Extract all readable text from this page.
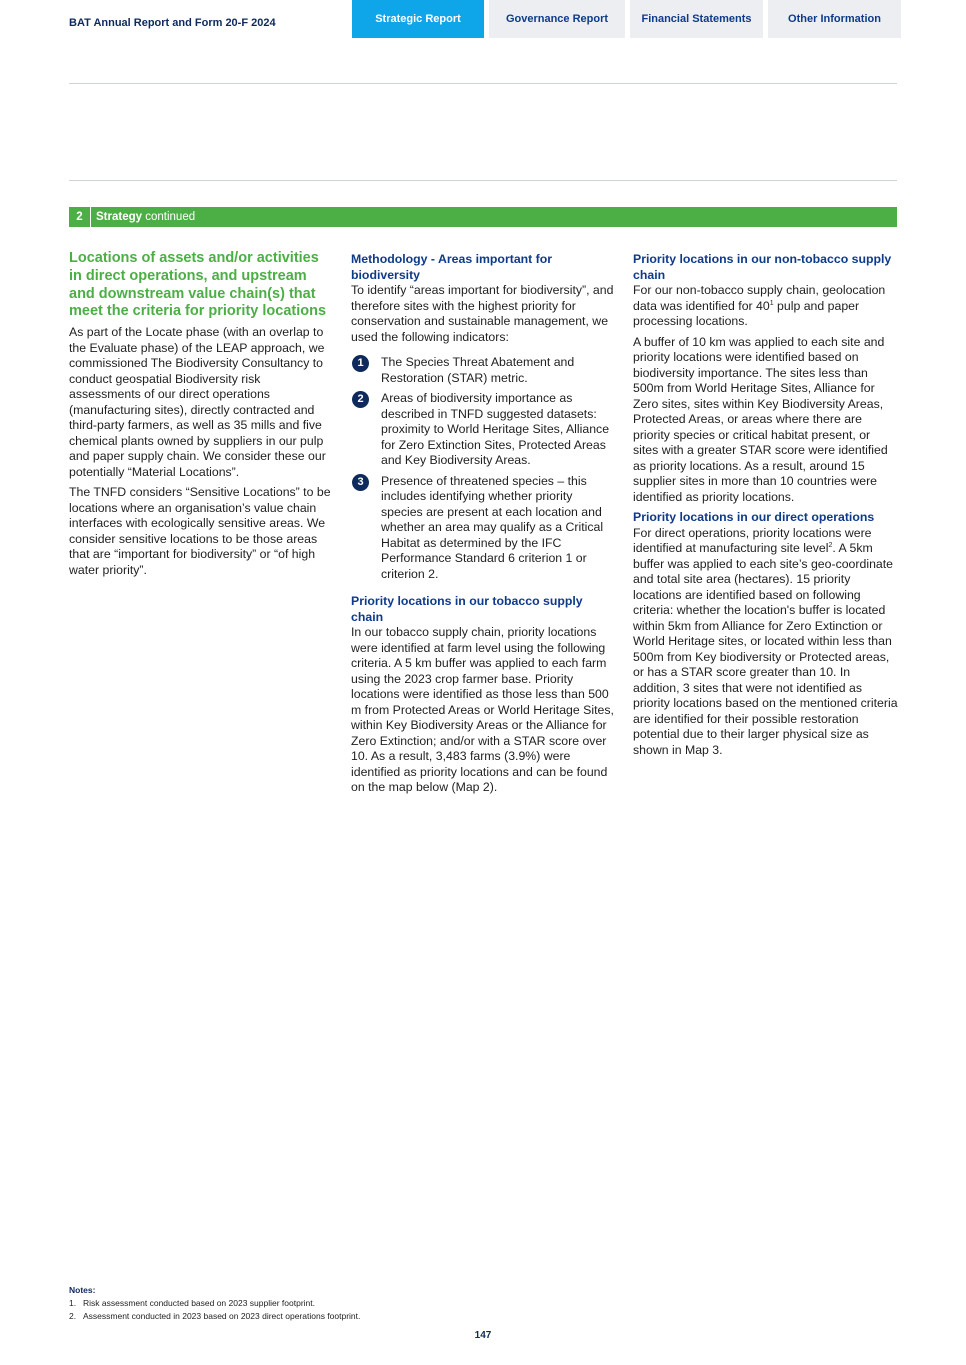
BAT Annual Report and Form 20-F 2024	Strategic Report	Governance Report	Financial Statements	Other Information
2	Strategy continued
Locations of assets and/or activities in direct operations, and upstream and downstream value chain(s) that meet the criteria for priority locations

As part of the Locate phase (with an overlap to the Evaluate phase) of the LEAP approach, we commissioned The Biodiversity Consultancy to conduct geospatial Biodiversity risk assessments of our direct operations (manufacturing sites), directly contracted and third-party farmers, as well as 35 mills and five chemical plants owned by suppliers in our pulp and paper supply chain. We consider these our potentially “Material Locations”.

The TNFD considers “Sensitive Locations” to be locations where an organisation’s value chain interfaces with ecologically sensitive areas. We consider sensitive locations to be those areas that are “important for biodiversity” or “of high water priority”.

Methodology - Areas important for biodiversity

To identify “areas important for biodiversity”, and therefore sites with the highest priority for conservation and sustainable management, we used the following indicators:

1	The Species Threat Abatement and Restoration (STAR) metric.
2	Areas of biodiversity importance as described in TNFD suggested datasets: proximity to World Heritage Sites, Alliance for Zero Extinction Sites, Protected Areas and Key Biodiversity Areas.
3	Presence of threatened species – this includes identifying whether priority species are present at each location and whether an area may qualify as a Critical Habitat as determined by the IFC Performance Standard 6 criterion 1 or criterion 2.
Priority locations in our tobacco supply chain

In our tobacco supply chain, priority locations were identified at farm level using the following criteria. A 5 km buffer was applied to each farm using the 2023 crop farmer base. Priority locations were identified as those less than 500 m from Protected Areas or World Heritage Sites, within Key Biodiversity Areas or the Alliance for Zero Extinction; and/or with a STAR score over 10. As a result, 3,483 farms (3.9%) were identified as priority locations and can be found on the map below (Map 2).

Priority locations in our non-tobacco supply chain

For our non-tobacco supply chain, geolocation data was identified for $40^1$ pulp and paper processing locations.

A buffer of 10 km was applied to each site and priority locations were identified based on biodiversity importance. The sites less than 500m from World Heritage Sites, Alliance for Zero sites, sites within Key Biodiversity Areas, Protected Areas, or areas where there are priority species or critical habitat present, or sites with a greater STAR score were identified as priority locations. As a result, around 15 supplier sites in more than 10 countries were identified as priority locations.

Priority locations in our direct operations

For direct operations, priority locations were identified at manufacturing site level$^2$. A 5km buffer was applied to each site’s geo-coordinate and total site area (hectares). 15 priority locations are identified based on following criteria: whether the location's buffer is located within 5km from Alliance for Zero Extinction or World Heritage sites, or located within less than 500m from Key biodiversity or Protected areas, or has a STAR score greater than 10. In addition, 3 sites that were not identified as priority locations based on the mentioned criteria are identified for their possible restoration potential due to their larger physical size as shown in Map 3.

Notes:
1. Risk assessment conducted based on 2023 supplier footprint.
2. Assessment conducted in 2023 based on 2023 direct operations footprint.
147
